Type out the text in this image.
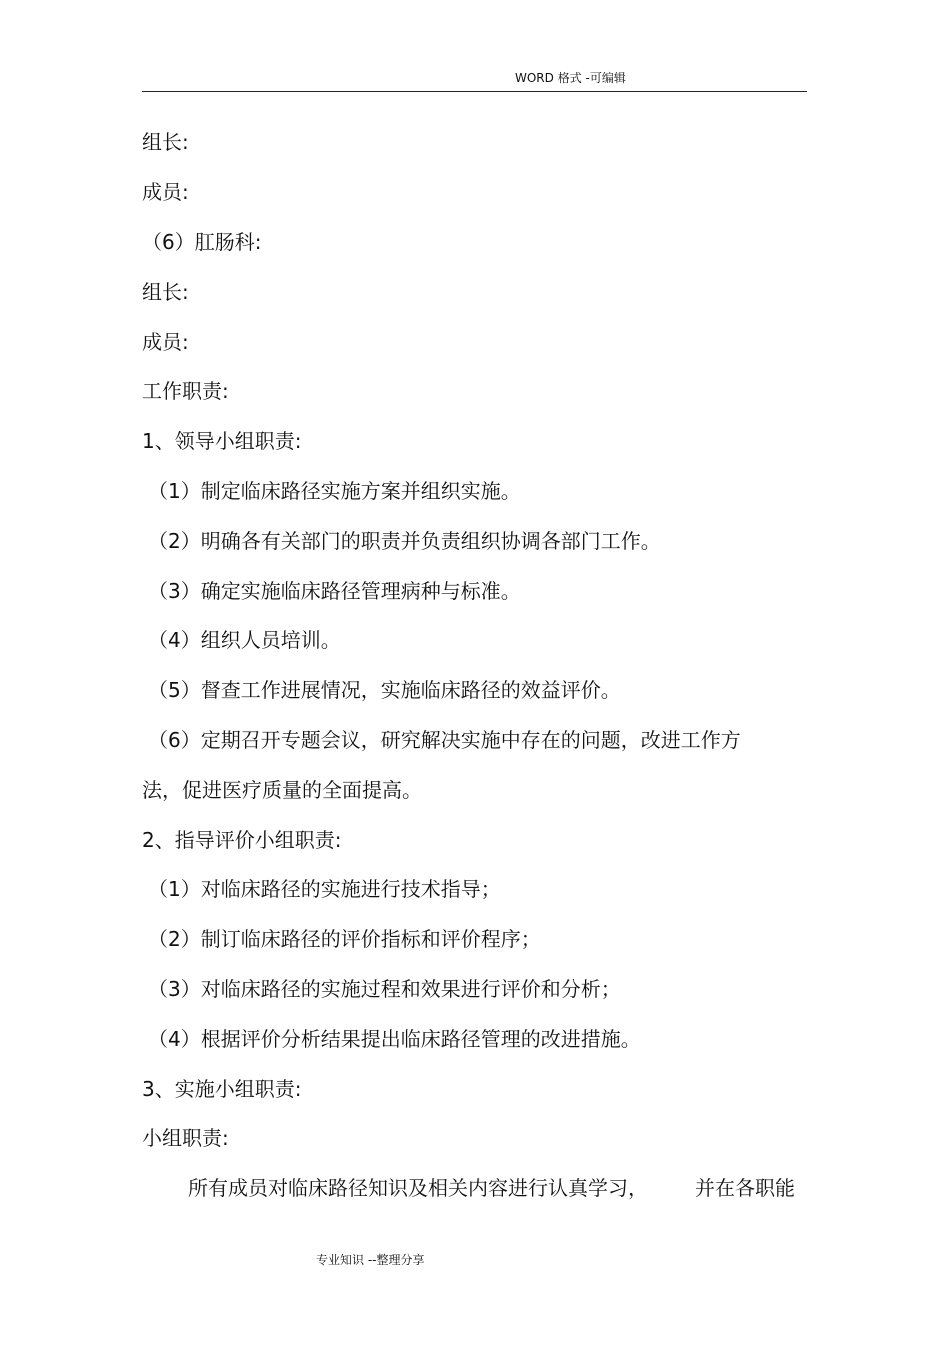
WORD 格式 -可编辑
组长:
成员:
（6）肛肠科:
组长:
成员:
工作职责:
1、领导小组职责:
（1）制定临床路径实施方案并组织实施。
（2）明确各有关部门的职责并负责组织协调各部门工作。
（3）确定实施临床路径管理病种与标准。
（4）组织人员培训。
（5）督查工作进展情况，实施临床路径的效益评价。
（6）定期召开专题会议，研究解决实施中存在的问题，改进工作方
法，促进医疗质量的全面提高。
2、指导评价小组职责:
（1）对临床路径的实施进行技术指导；
（2）制订临床路径的评价指标和评价程序；
（3）对临床路径的实施过程和效果进行评价和分析；
（4）根据评价分析结果提出临床路径管理的改进措施。
3、实施小组职责:
小组职责:
所有成员对临床路径知识及相关内容进行认真学习， 并在各职能
专业知识 --整理分享
